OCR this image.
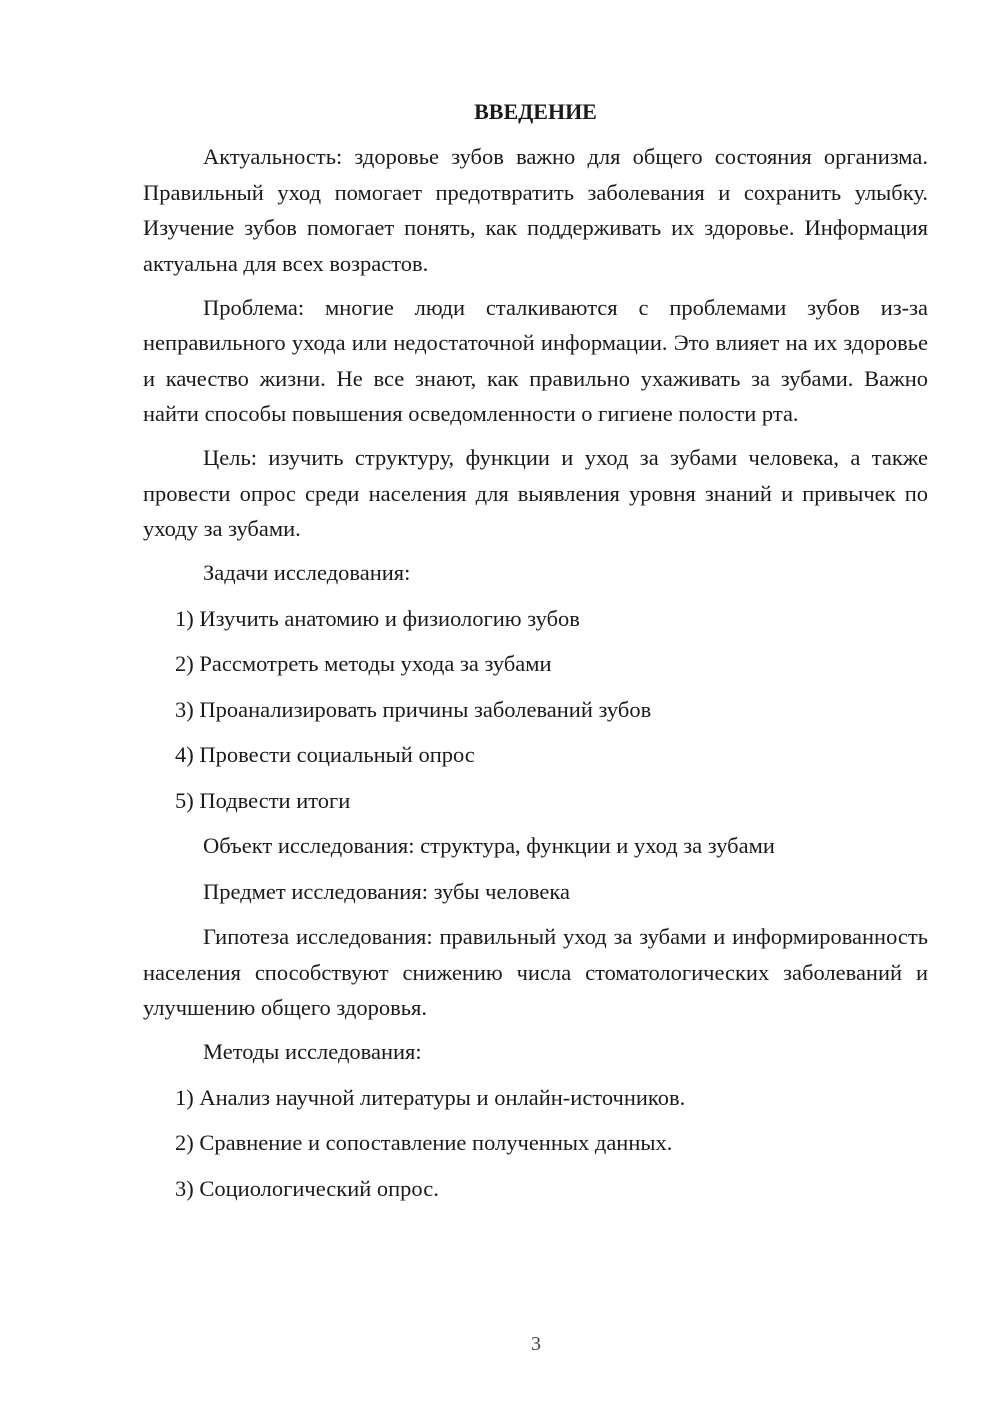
ВВЕДЕНИЕ

Актуальность: здоровье зубов важно для общего состояния организма. Правильный уход помогает предотвратить заболевания и сохранить улыбку. Изучение зубов помогает понять, как поддерживать их здоровье. Информация актуальна для всех возрастов.

Проблема: многие люди сталкиваются с проблемами зубов из-за неправильного ухода или недостаточной информации. Это влияет на их здоровье и качество жизни. Не все знают, как правильно ухаживать за зубами. Важно найти способы повышения осведомленности о гигиене полости рта.

Цель: изучить структуру, функции и уход за зубами человека, а также провести опрос среди населения для выявления уровня знаний и привычек по уходу за зубами.

Задачи исследования:
1) Изучить анатомию и физиологию зубов
2) Рассмотреть методы ухода за зубами
3) Проанализировать причины заболеваний зубов
4) Провести социальный опрос
5) Подвести итоги
Объект исследования: структура, функции и уход за зубами
Предмет исследования: зубы человека

Гипотеза исследования: правильный уход за зубами и информированность населения способствуют снижению числа стоматологических заболеваний и улучшению общего здоровья.

Методы исследования:
1) Анализ научной литературы и онлайн-источников.
2) Сравнение и сопоставление полученных данных.
3) Социологический опрос.
3
